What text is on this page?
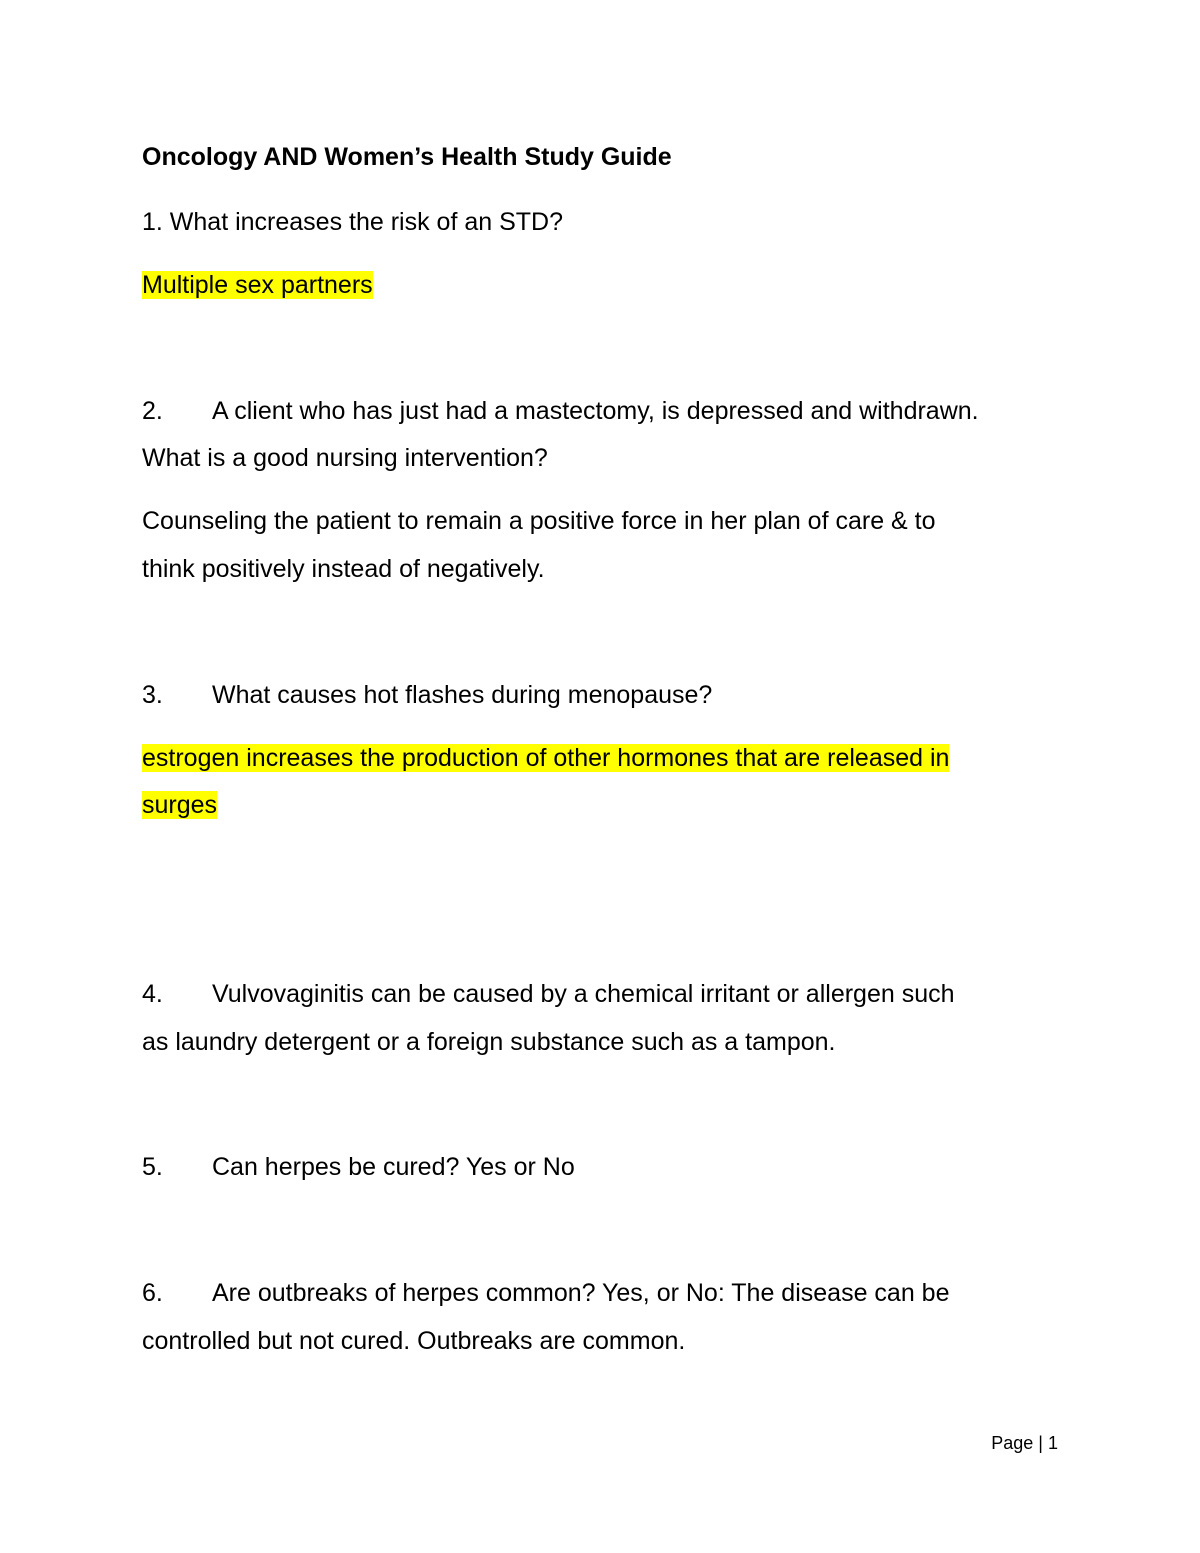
Oncology AND Women’s Health Study Guide
1. What increases the risk of an STD?
Multiple sex partners
2. A client who has just had a mastectomy, is depressed and withdrawn.
What is a good nursing intervention?
Counseling the patient to remain a positive force in her plan of care & to
think positively instead of negatively.
3. What causes hot flashes during menopause?
estrogen increases the production of other hormones that are released in
surges
4. Vulvovaginitis can be caused by a chemical irritant or allergen such
as laundry detergent or a foreign substance such as a tampon.
5. Can herpes be cured? Yes or No
6. Are outbreaks of herpes common? Yes, or No: The disease can be
controlled but not cured. Outbreaks are common.
Page | 1
